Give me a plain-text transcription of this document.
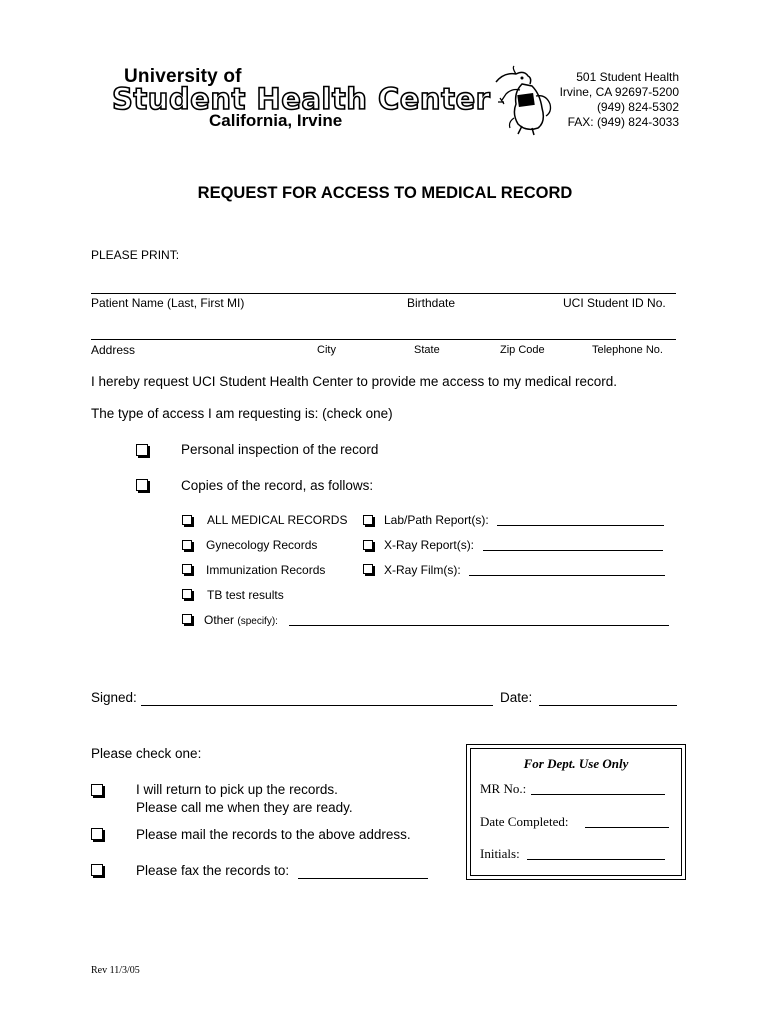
University of
Student Health Center
California, Irvine
501 Student Health
Irvine, CA 92697-5200
(949) 824-5302
FAX: (949) 824-3033
REQUEST FOR ACCESS TO MEDICAL RECORD
PLEASE PRINT:
Patient Name (Last, First MI)	Birthdate	UCI Student ID No.
Address	City	State	Zip Code	Telephone No.
I hereby request UCI Student Health Center to provide me access to my medical record.
The type of access I am requesting is: (check one)
Personal inspection of the record
Copies of the record, as follows:
ALL MEDICAL RECORDS
Gynecology Records
Immunization Records
TB test results
Other (specify):
Lab/Path Report(s):
X-Ray Report(s):
X-Ray Film(s):
Signed:	Date:
Please check one:
I will return to pick up the records.
Please call me when they are ready.
Please mail the records to the above address.
Please fax the records to:
For Dept. Use Only
MR No.:
Date Completed:
Initials:
Rev 11/3/05
